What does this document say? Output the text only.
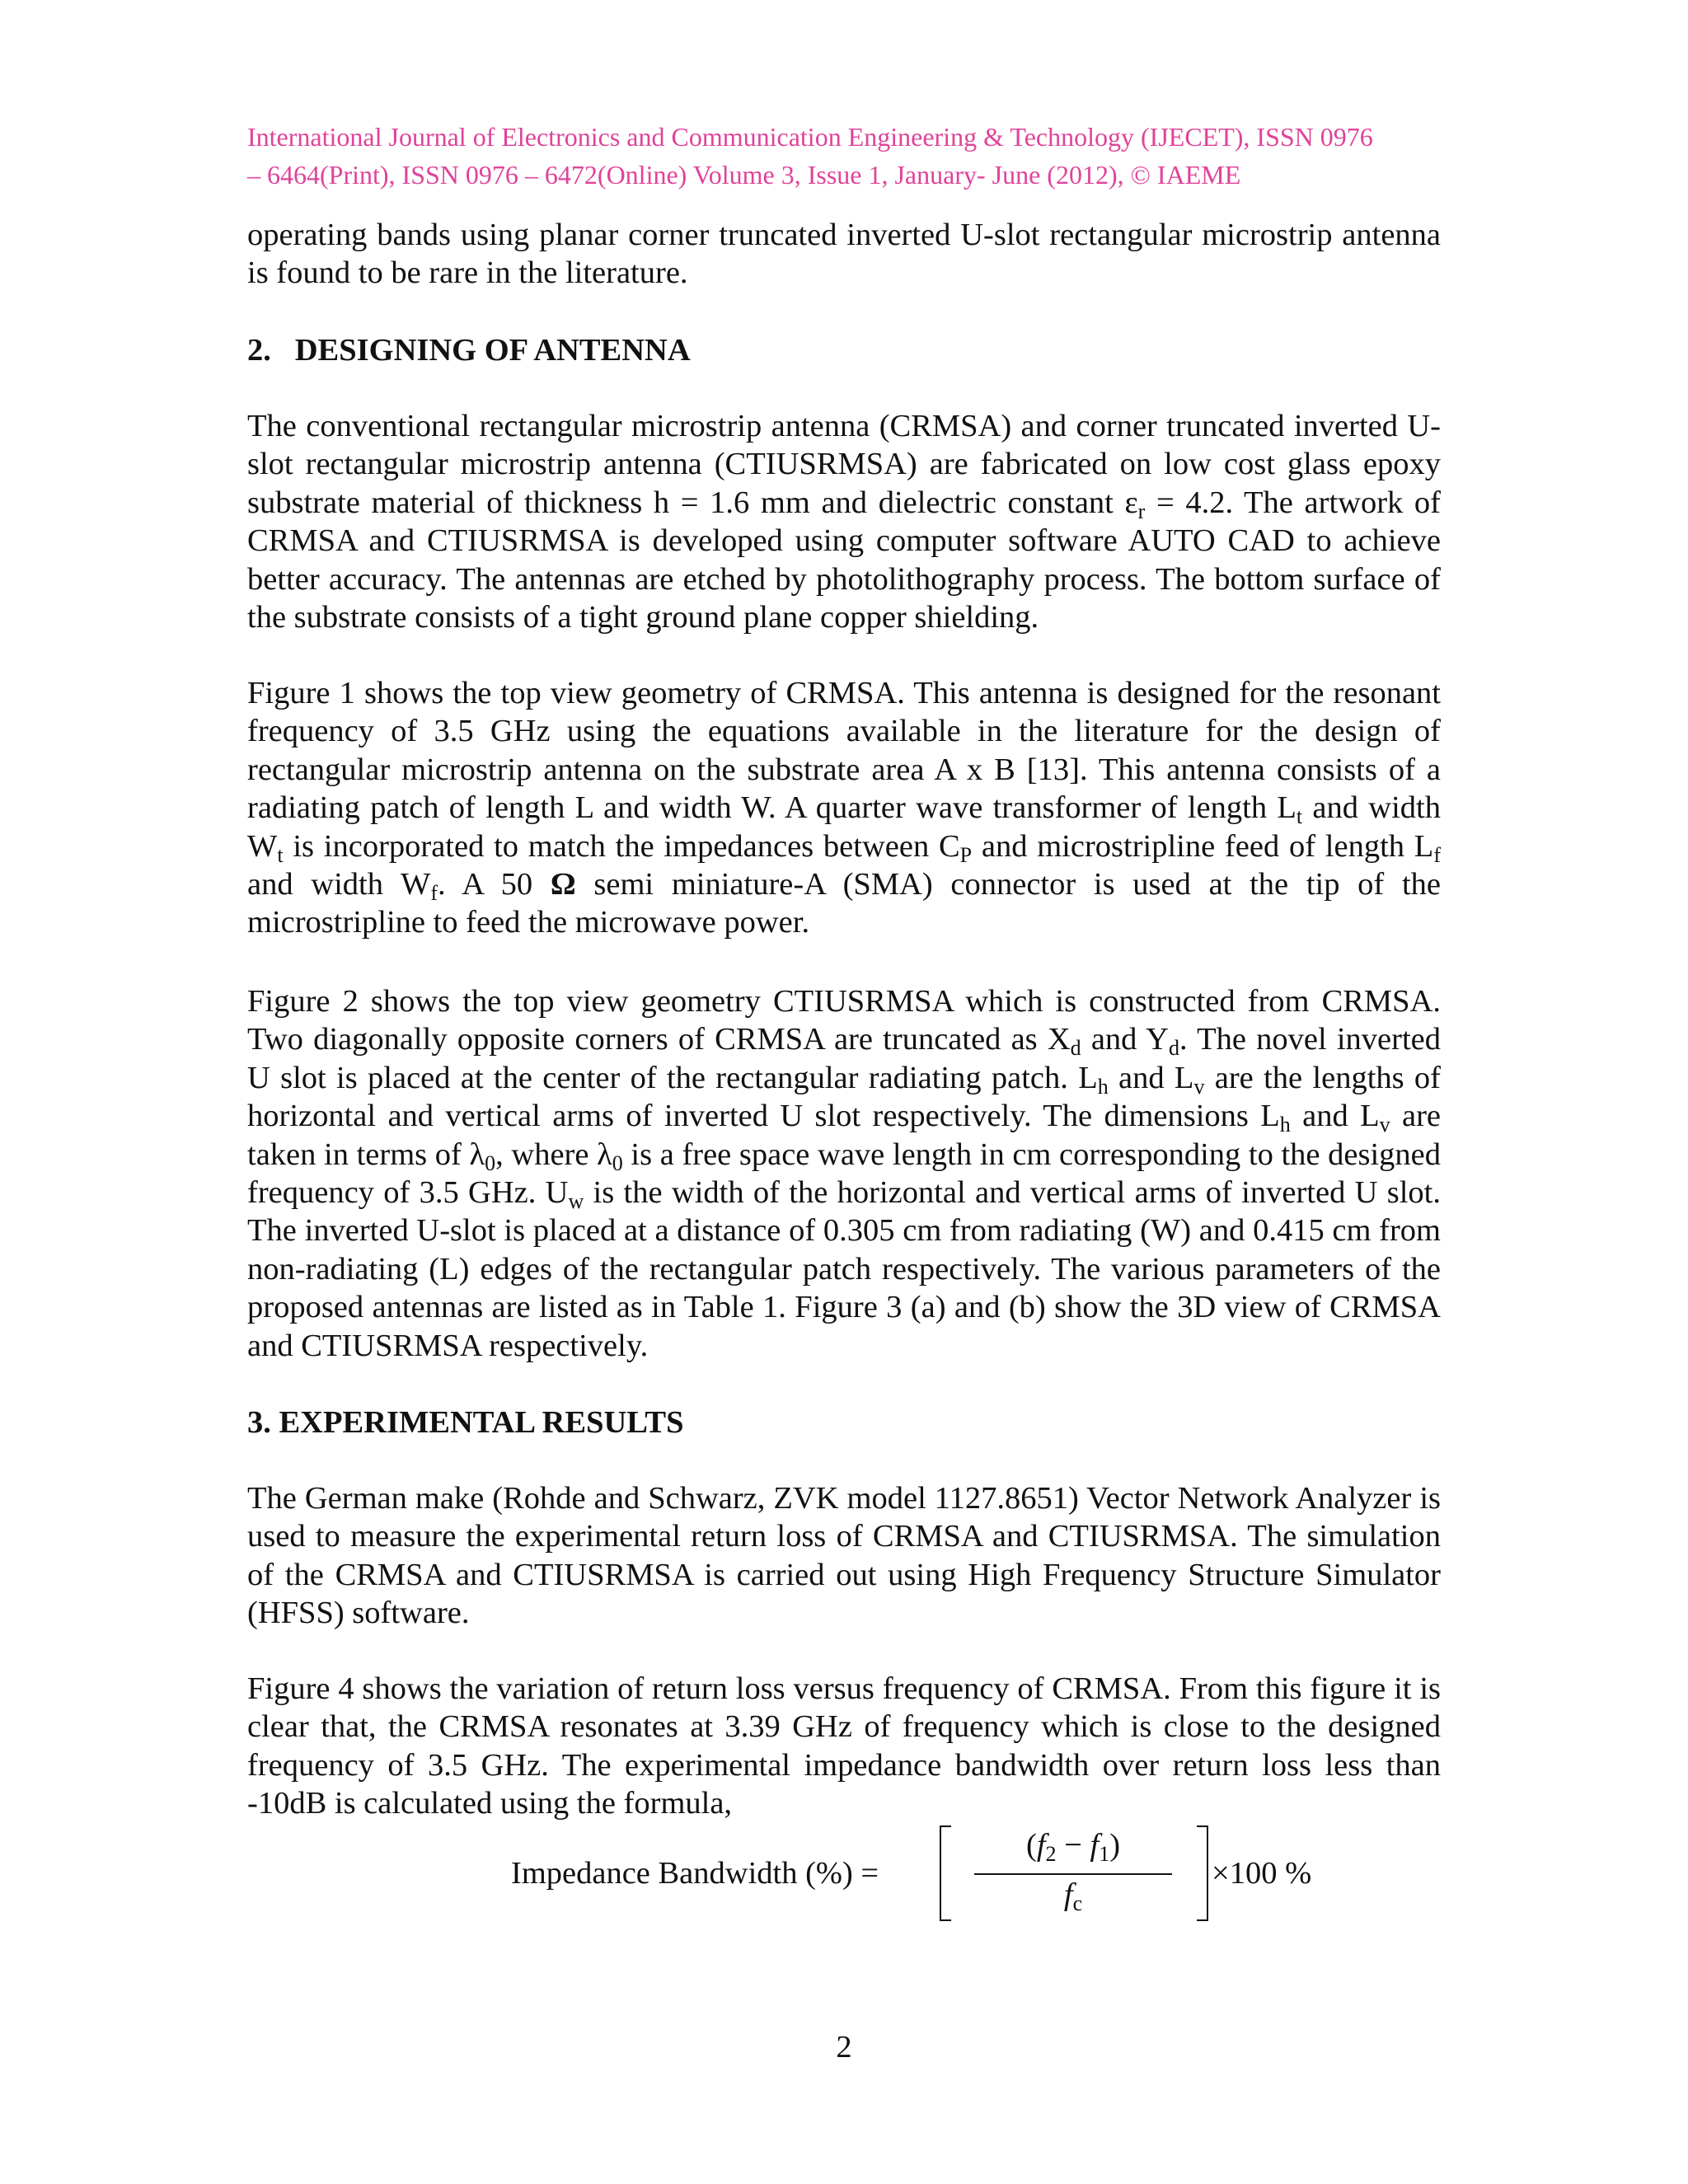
International Journal of Electronics and Communication Engineering & Technology (IJECET), ISSN 0976
– 6464(Print), ISSN 0976 – 6472(Online) Volume 3, Issue 1, January- June (2012), © IAEME

operating bands using planar corner truncated inverted U-slot rectangular microstrip antenna is found to be rare in the literature.

2.   DESIGNING OF ANTENNA

The conventional rectangular microstrip antenna (CRMSA) and corner truncated inverted U-slot rectangular microstrip antenna (CTIUSRMSA) are fabricated on low cost glass epoxy substrate material of thickness h = 1.6 mm and dielectric constant $\varepsilon_r = 4.2$. The artwork of CRMSA and CTIUSRMSA is developed using computer software AUTO CAD to achieve better accuracy. The antennas are etched by photolithography process. The bottom surface of the substrate consists of a tight ground plane copper shielding.

Figure 1 shows the top view geometry of CRMSA. This antenna is designed for the resonant frequency of 3.5 GHz using the equations available in the literature for the design of rectangular microstrip antenna on the substrate area A x B [13]. This antenna consists of a radiating patch of length L and width W. A quarter wave transformer of length $L_t$ and width $W_t$ is incorporated to match the impedances between $C_P$ and microstripline feed of length $L_f$ and width $W_f$. A 50 Ω semi miniature-A (SMA) connector is used at the tip of the microstripline to feed the microwave power.

Figure 2 shows the top view geometry CTIUSRMSA which is constructed from CRMSA. Two diagonally opposite corners of CRMSA are truncated as $X_d$ and $Y_d$. The novel inverted U slot is placed at the center of the rectangular radiating patch. $L_h$ and $L_v$ are the lengths of horizontal and vertical arms of inverted U slot respectively. The dimensions $L_h$ and $L_v$ are taken in terms of $\lambda_0$, where $\lambda_0$ is a free space wave length in cm corresponding to the designed frequency of 3.5 GHz. $U_w$ is the width of the horizontal and vertical arms of inverted U slot. The inverted U-slot is placed at a distance of 0.305 cm from radiating (W) and 0.415 cm from non-radiating (L) edges of the rectangular patch respectively. The various parameters of the proposed antennas are listed as in Table 1. Figure 3 (a) and (b) show the 3D view of CRMSA and CTIUSRMSA respectively.

3. EXPERIMENTAL RESULTS

The German make (Rohde and Schwarz, ZVK model 1127.8651) Vector Network Analyzer is used to measure the experimental return loss of CRMSA and CTIUSRMSA. The simulation of the CRMSA and CTIUSRMSA is carried out using High Frequency Structure Simulator (HFSS) software.

Figure 4 shows the variation of return loss versus frequency of CRMSA. From this figure it is clear that, the CRMSA resonates at 3.39 GHz of frequency which is close to the designed frequency of 3.5 GHz. The experimental impedance bandwidth over return loss less than -10dB is calculated using the formula,

Impedance Bandwidth (%) =
$(f_2 - f_1)$
$f_c$
×100 %
2
